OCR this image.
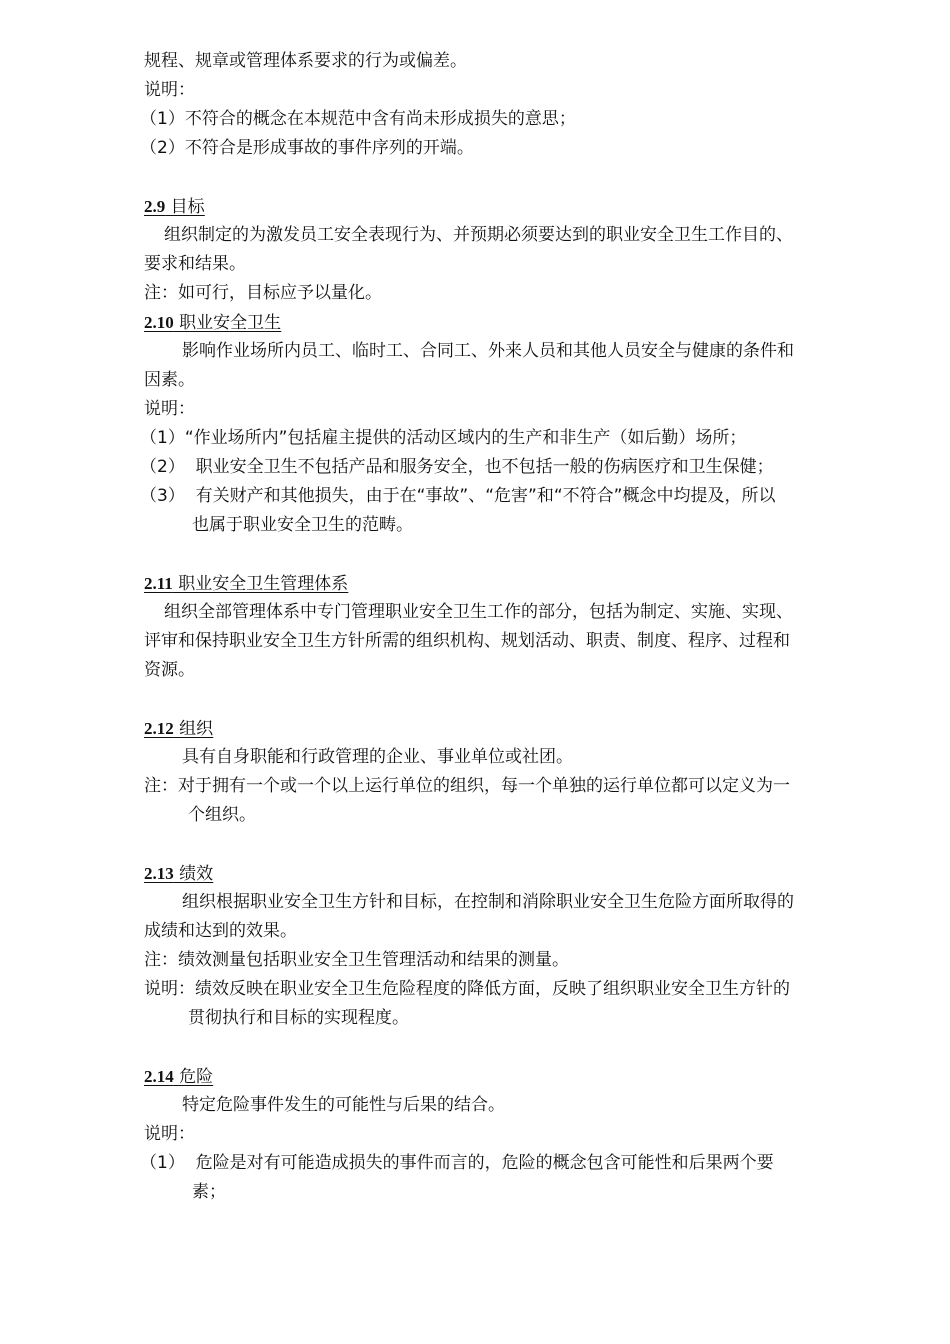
规程、规章或管理体系要求的行为或偏差。
说明：
（1）不符合的概念在本规范中含有尚未形成损失的意思；
（2）不符合是形成事故的事件序列的开端。
2.9 目标
组织制定的为激发员工安全表现行为、并预期必须要达到的职业安全卫生工作目的、
要求和结果。
注：如可行，目标应予以量化。
2.10 职业安全卫生
影响作业场所内员工、临时工、合同工、外来人员和其他人员安全与健康的条件和
因素。
说明：
（1）“作业场所内”包括雇主提供的活动区域内的生产和非生产（如后勤）场所；
（2）  职业安全卫生不包括产品和服务安全，也不包括一般的伤病医疗和卫生保健；
（3）  有关财产和其他损失，由于在“事故”、“危害”和“不符合”概念中均提及，所以
也属于职业安全卫生的范畴。
2.11 职业安全卫生管理体系
组织全部管理体系中专门管理职业安全卫生工作的部分，包括为制定、实施、实现、
评审和保持职业安全卫生方针所需的组织机构、规划活动、职责、制度、程序、过程和
资源。
2.12 组织
具有自身职能和行政管理的企业、事业单位或社团。
注：对于拥有一个或一个以上运行单位的组织，每一个单独的运行单位都可以定义为一
个组织。
2.13 绩效
组织根据职业安全卫生方针和目标，在控制和消除职业安全卫生危险方面所取得的
成绩和达到的效果。
注：绩效测量包括职业安全卫生管理活动和结果的测量。
说明：绩效反映在职业安全卫生危险程度的降低方面，反映了组织职业安全卫生方针的
贯彻执行和目标的实现程度。
2.14 危险
特定危险事件发生的可能性与后果的结合。
说明：
（1）  危险是对有可能造成损失的事件而言的，危险的概念包含可能性和后果两个要
素；
